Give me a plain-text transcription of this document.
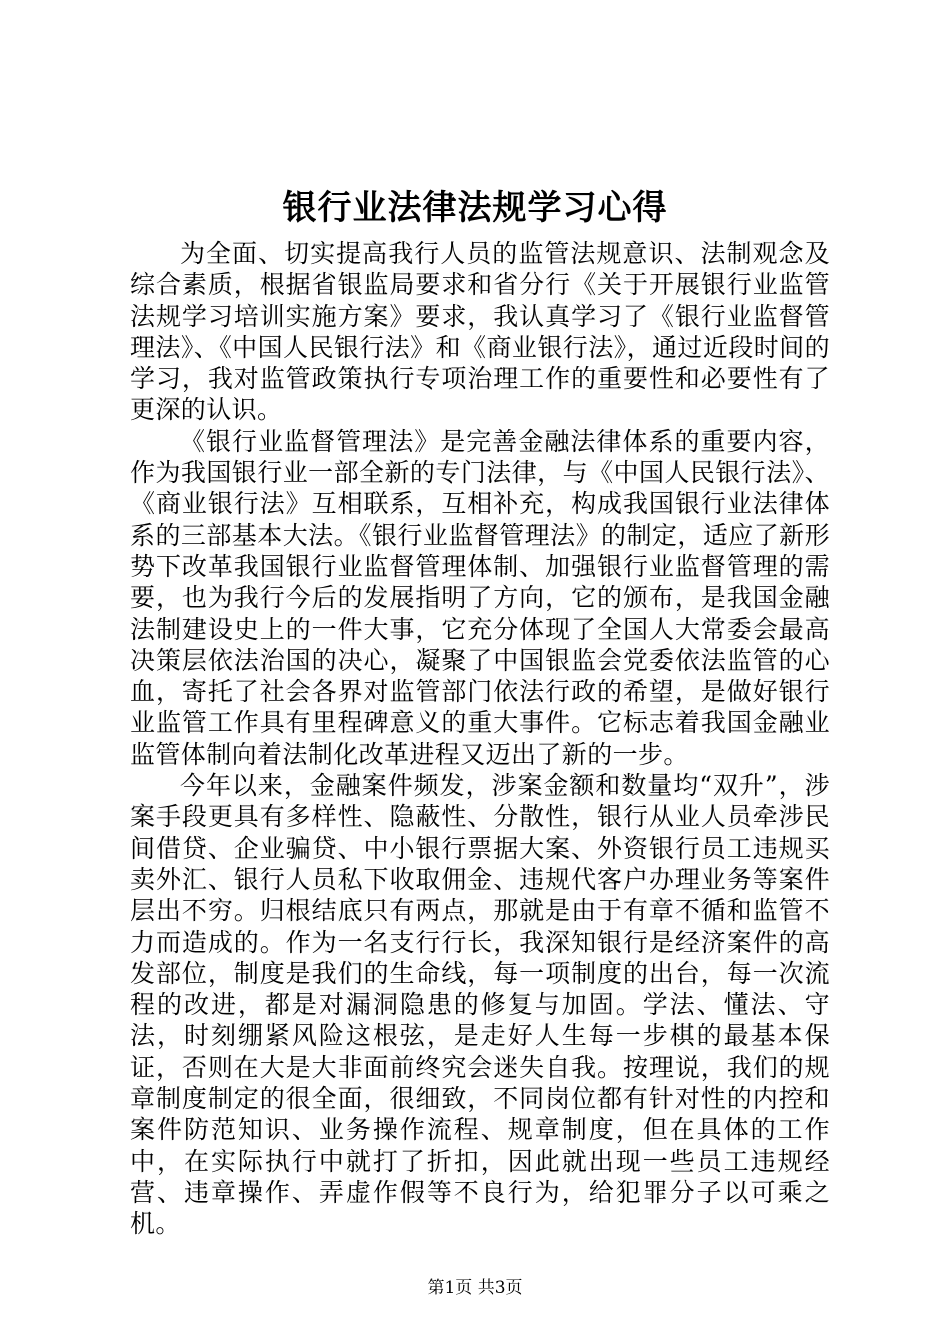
银行业法律法规学习心得

为全面、切实提高我行人员的监管法规意识、法制观念及综合素质，根据省银监局要求和省分行《关于开展银行业监管法规学习培训实施方案》要求，我认真学习了《银行业监督管理法》、《中国人民银行法》和《商业银行法》，通过近段时间的学习，我对监管政策执行专项治理工作的重要性和必要性有了更深的认识。

《银行业监督管理法》是完善金融法律体系的重要内容，作为我国银行业一部全新的专门法律，与《中国人民银行法》、《商业银行法》互相联系，互相补充，构成我国银行业法律体系的三部基本大法。《银行业监督管理法》的制定，适应了新形势下改革我国银行业监督管理体制、加强银行业监督管理的需要，也为我行今后的发展指明了方向，它的颁布，是我国金融法制建设史上的一件大事，它充分体现了全国人大常委会最高决策层依法治国的决心，凝聚了中国银监会党委依法监管的心血，寄托了社会各界对监管部门依法行政的希望，是做好银行业监管工作具有里程碑意义的重大事件。它标志着我国金融业监管体制向着法制化改革进程又迈出了新的一步。

今年以来，金融案件频发，涉案金额和数量均“双升”，涉案手段更具有多样性、隐蔽性、分散性，银行从业人员牵涉民间借贷、企业骗贷、中小银行票据大案、外资银行员工违规买卖外汇、银行人员私下收取佣金、违规代客户办理业务等案件层出不穷。归根结底只有两点，那就是由于有章不循和监管不力而造成的。作为一名支行行长，我深知银行是经济案件的高发部位，制度是我们的生命线，每一项制度的出台，每一次流程的改进，都是对漏洞隐患的修复与加固。学法、懂法、守法，时刻绷紧风险这根弦，是走好人生每一步棋的最基本保证，否则在大是大非面前终究会迷失自我。按理说，我们的规章制度制定的很全面，很细致，不同岗位都有针对性的内控和案件防范知识、业务操作流程、规章制度，但在具体的工作中，在实际执行中就打了折扣，因此就出现一些员工违规经营、违章操作、弄虚作假等不良行为，给犯罪分子以可乘之机。

第1页 共3页
